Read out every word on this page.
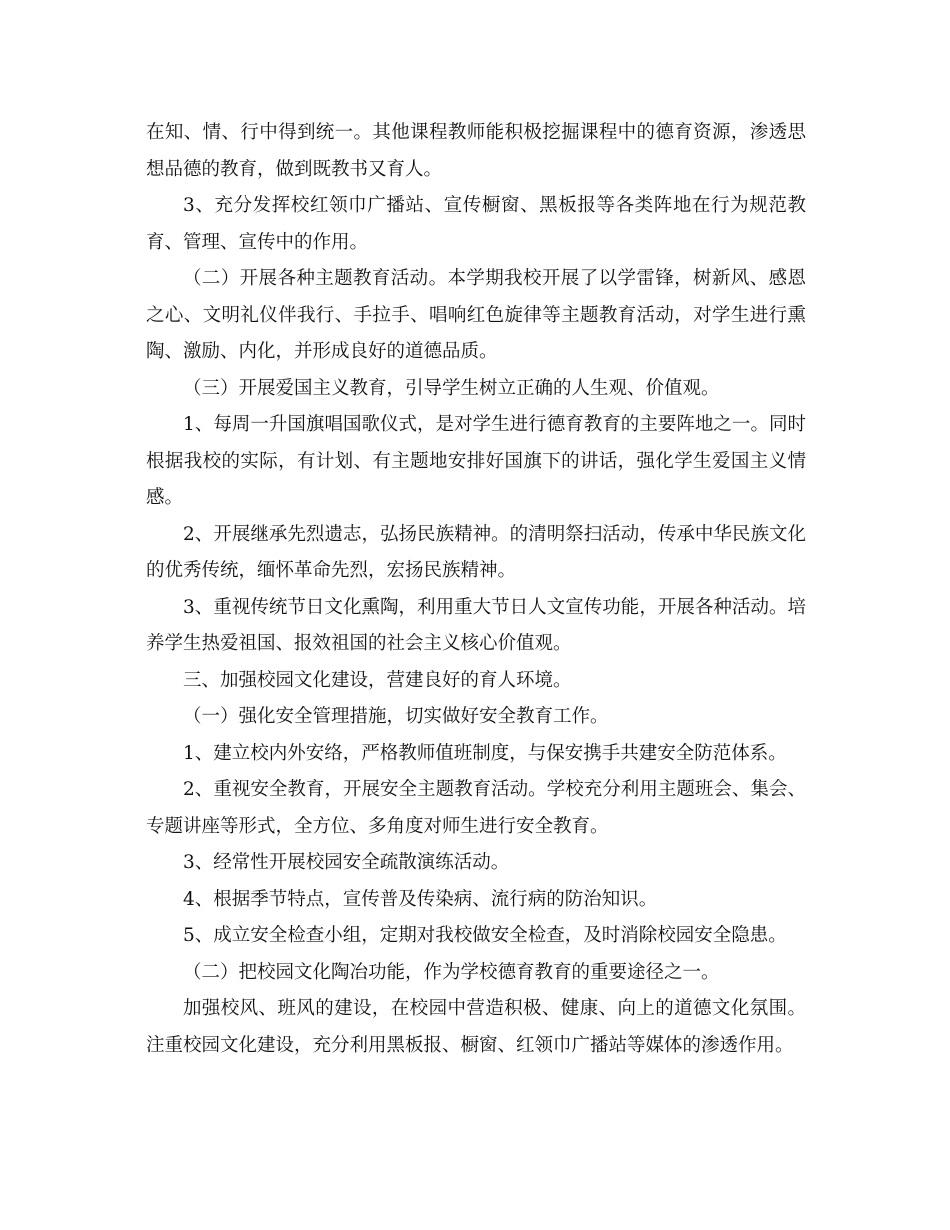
在知、情、行中得到统一。其他课程教师能积极挖掘课程中的德育资源，渗透思想品德的教育，做到既教书又育人。

3、充分发挥校红领巾广播站、宣传橱窗、黑板报等各类阵地在行为规范教育、管理、宣传中的作用。

（二）开展各种主题教育活动。本学期我校开展了以学雷锋，树新风、感恩之心、文明礼仪伴我行、手拉手、唱响红色旋律等主题教育活动，对学生进行熏陶、激励、内化，并形成良好的道德品质。

（三）开展爱国主义教育，引导学生树立正确的人生观、价值观。

1、每周一升国旗唱国歌仪式，是对学生进行德育教育的主要阵地之一。同时根据我校的实际，有计划、有主题地安排好国旗下的讲话，强化学生爱国主义情感。

2、开展继承先烈遗志，弘扬民族精神。的清明祭扫活动，传承中华民族文化的优秀传统，缅怀革命先烈，宏扬民族精神。

3、重视传统节日文化熏陶，利用重大节日人文宣传功能，开展各种活动。培养学生热爱祖国、报效祖国的社会主义核心价值观。

三、加强校园文化建设，营建良好的育人环境。

（一）强化安全管理措施，切实做好安全教育工作。

1、建立校内外安络，严格教师值班制度，与保安携手共建安全防范体系。

2、重视安全教育，开展安全主题教育活动。学校充分利用主题班会、集会、专题讲座等形式，全方位、多角度对师生进行安全教育。

3、经常性开展校园安全疏散演练活动。

4、根据季节特点，宣传普及传染病、流行病的防治知识。

5、成立安全检查小组，定期对我校做安全检查，及时消除校园安全隐患。

（二）把校园文化陶冶功能，作为学校德育教育的重要途径之一。

加强校风、班风的建设，在校园中营造积极、健康、向上的道德文化氛围。注重校园文化建设，充分利用黑板报、橱窗、红领巾广播站等媒体的渗透作用。
